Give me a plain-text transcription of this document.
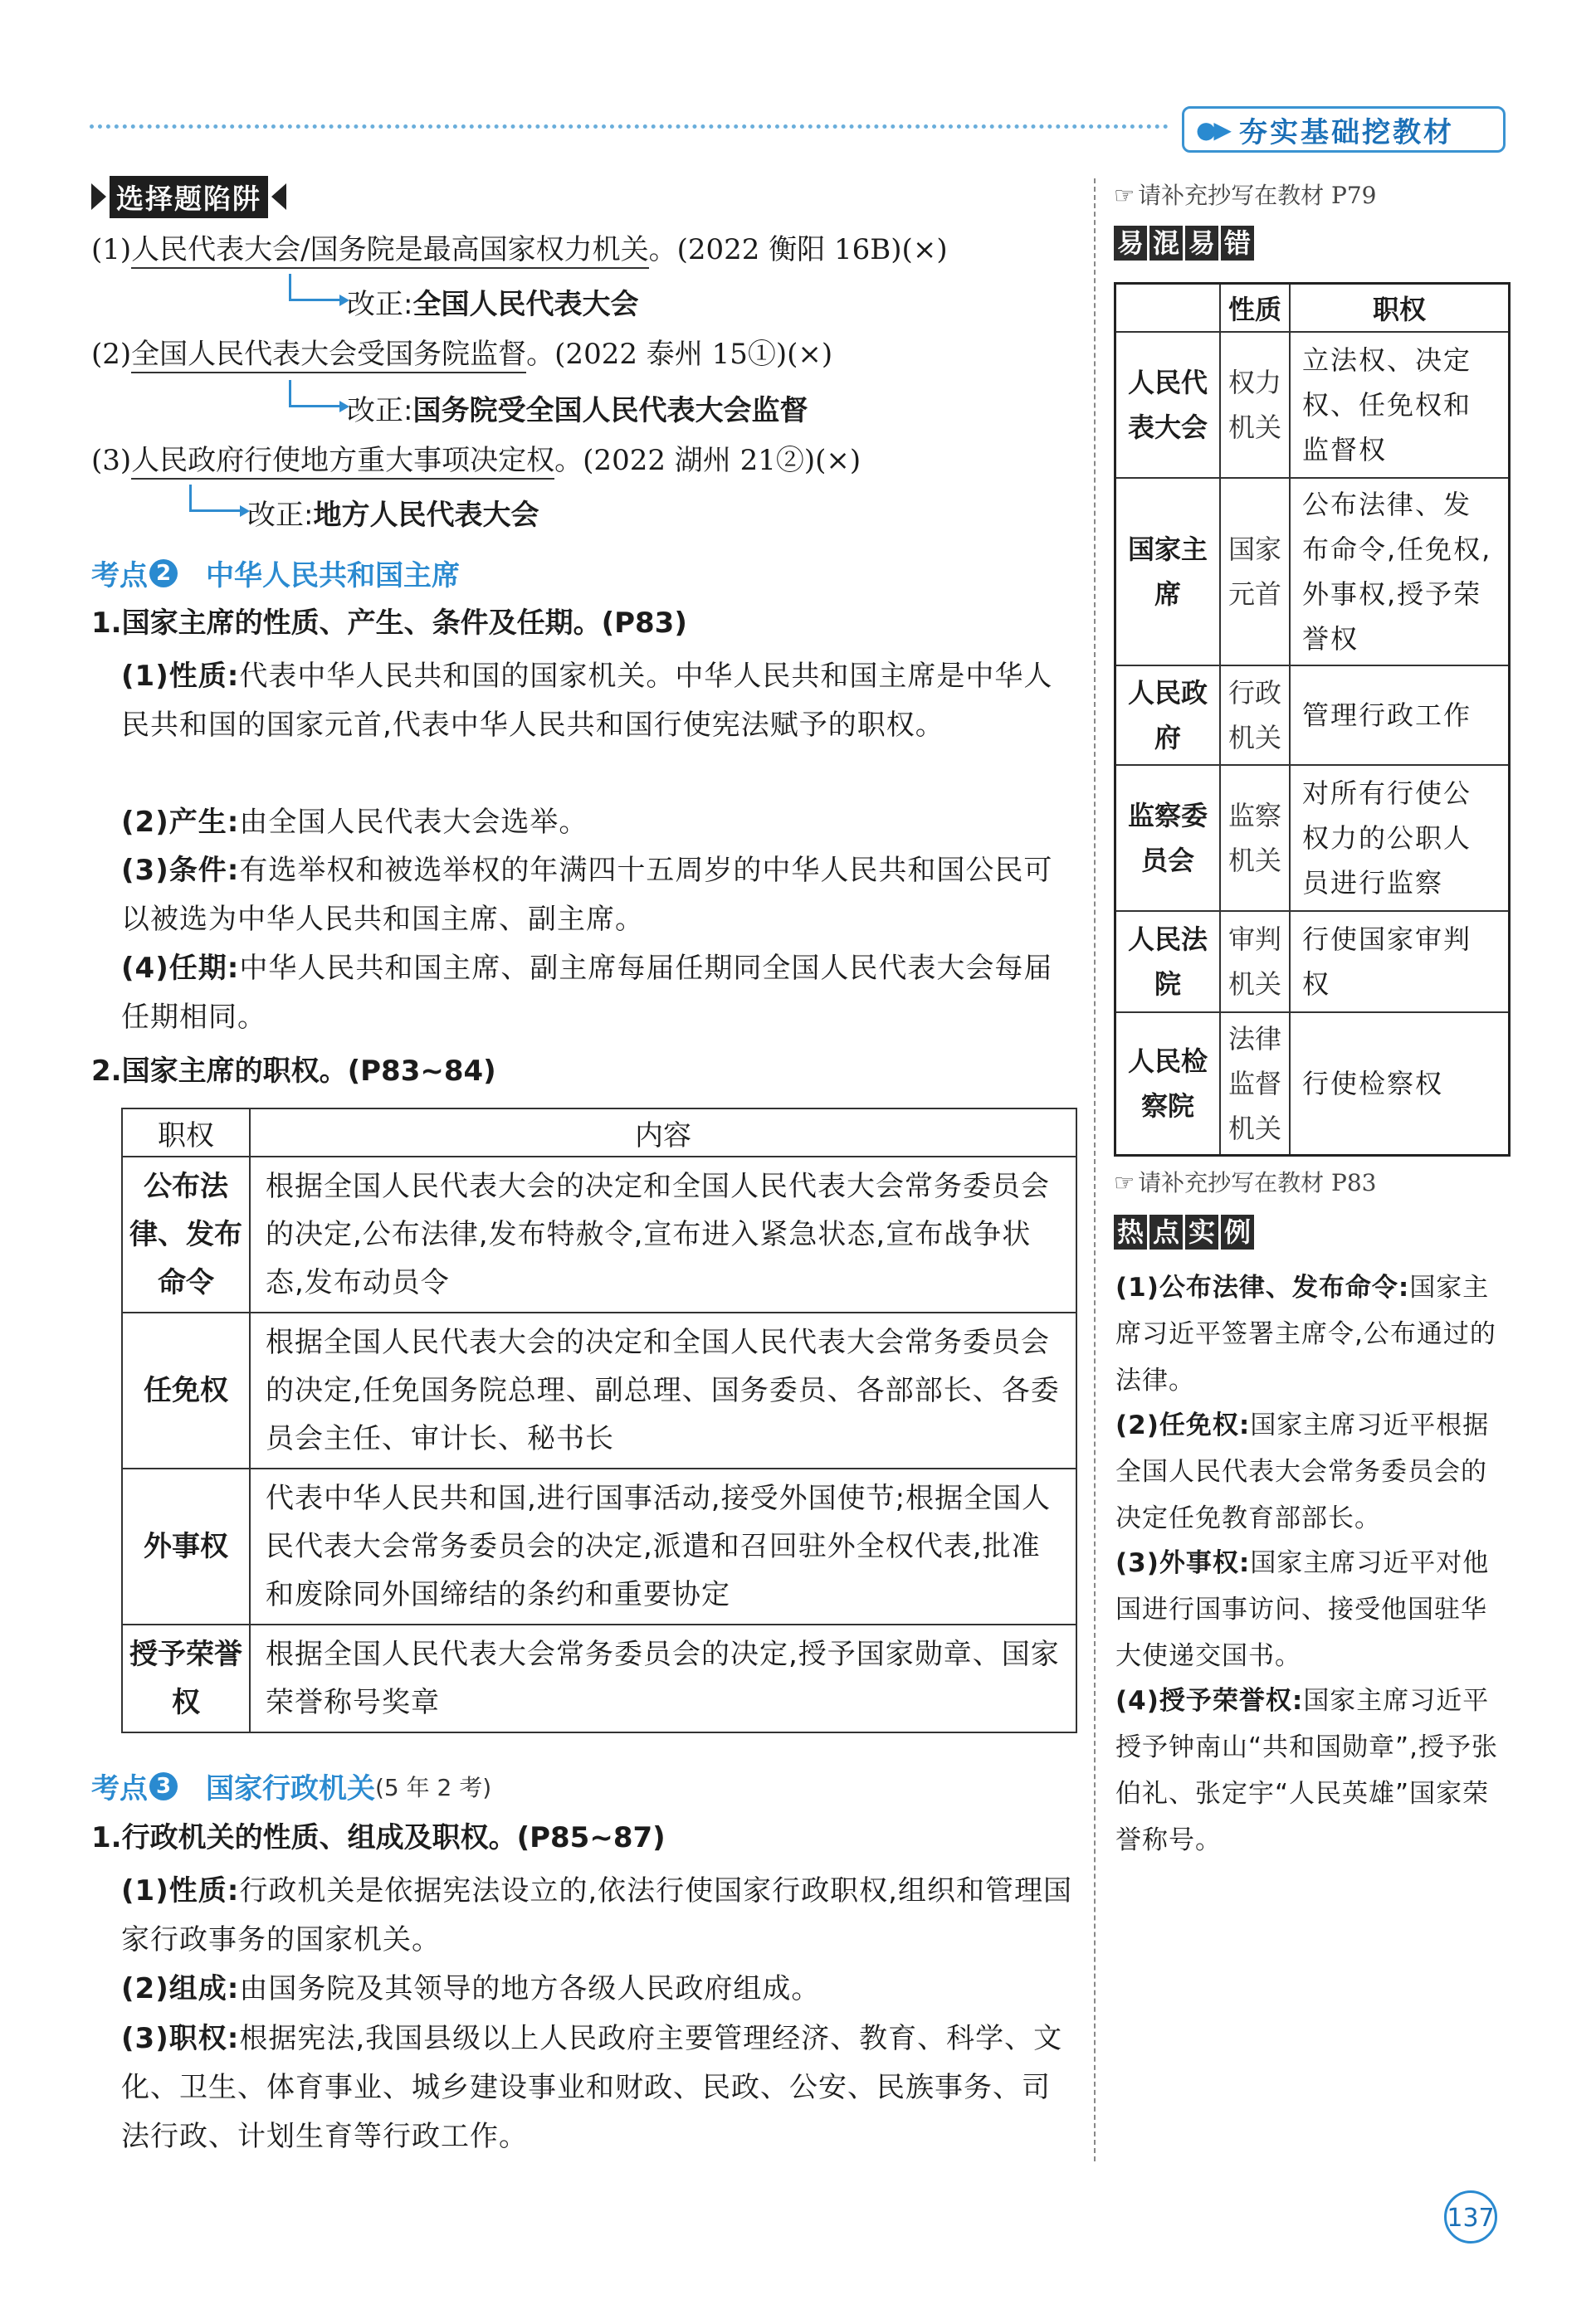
●▶ 夯实基础挖教材
选择题陷阱
(1)人民代表大会/国务院是最高国家权力机关。(2022 衡阳 16B)(×)
改正:全国人民代表大会
(2)全国人民代表大会受国务院监督。(2022 泰州 15①)(×)
改正:国务院受全国人民代表大会监督
(3)人民政府行使地方重大事项决定权。(2022 湖州 21②)(×)
改正:地方人民代表大会
考点 2 中华人民共和国主席
1.国家主席的性质、产生、条件及任期。(P83)
(1)性质:代表中华人民共和国的国家机关。中华人民共和国主席是中华人民共和国的国家元首,代表中华人民共和国行使宪法赋予的职权。
(2)产生:由全国人民代表大会选举。
(3)条件:有选举权和被选举权的年满四十五周岁的中华人民共和国公民可以被选为中华人民共和国主席、副主席。
(4)任期:中华人民共和国主席、副主席每届任期同全国人民代表大会每届任期相同。
2.国家主席的职权。(P83~84)
职权	内容
公布法律、发布命令	根据全国人民代表大会的决定和全国人民代表大会常务委员会的决定,公布法律,发布特赦令,宣布进入紧急状态,宣布战争状态,发布动员令
任免权	根据全国人民代表大会的决定和全国人民代表大会常务委员会的决定,任免国务院总理、副总理、国务委员、各部部长、各委员会主任、审计长、秘书长
外事权	代表中华人民共和国,进行国事活动,接受外国使节;根据全国人民代表大会常务委员会的决定,派遣和召回驻外全权代表,批准和废除同外国缔结的条约和重要协定
授予荣誉权	根据全国人民代表大会常务委员会的决定,授予国家勋章、国家荣誉称号奖章
考点 3 国家行政机关 (5 年 2 考)
1.行政机关的性质、组成及职权。(P85~87)
(1)性质:行政机关是依据宪法设立的,依法行使国家行政职权,组织和管理国家行政事务的国家机关。
(2)组成:由国务院及其领导的地方各级人民政府组成。
(3)职权:根据宪法,我国县级以上人民政府主要管理经济、教育、科学、文化、卫生、体育事业、城乡建设事业和财政、民政、公安、民族事务、司法行政、计划生育等行政工作。
☞ 请补充抄写在教材 P79
易 混 易 错
	性质	职权
人民代表大会	权力机关	立法权、决定权、任免权和监督权
国家主席	国家元首	公布法律、发布命令,任免权,外事权,授予荣誉权
人民政府	行政机关	管理行政工作
监察委员会	监察机关	对所有行使公权力的公职人员进行监察
人民法院	审判机关	行使国家审判权
人民检察院	法律监督机关	行使检察权
☞ 请补充抄写在教材 P83
热 点 实 例
(1)公布法律、发布命令:国家主席习近平签署主席令,公布通过的法律。
(2)任免权:国家主席习近平根据全国人民代表大会常务委员会的决定任免教育部部长。
(3)外事权:国家主席习近平对他国进行国事访问、接受他国驻华大使递交国书。
(4)授予荣誉权:国家主席习近平授予钟南山“共和国勋章”,授予张伯礼、张定宇“人民英雄”国家荣誉称号。
137
